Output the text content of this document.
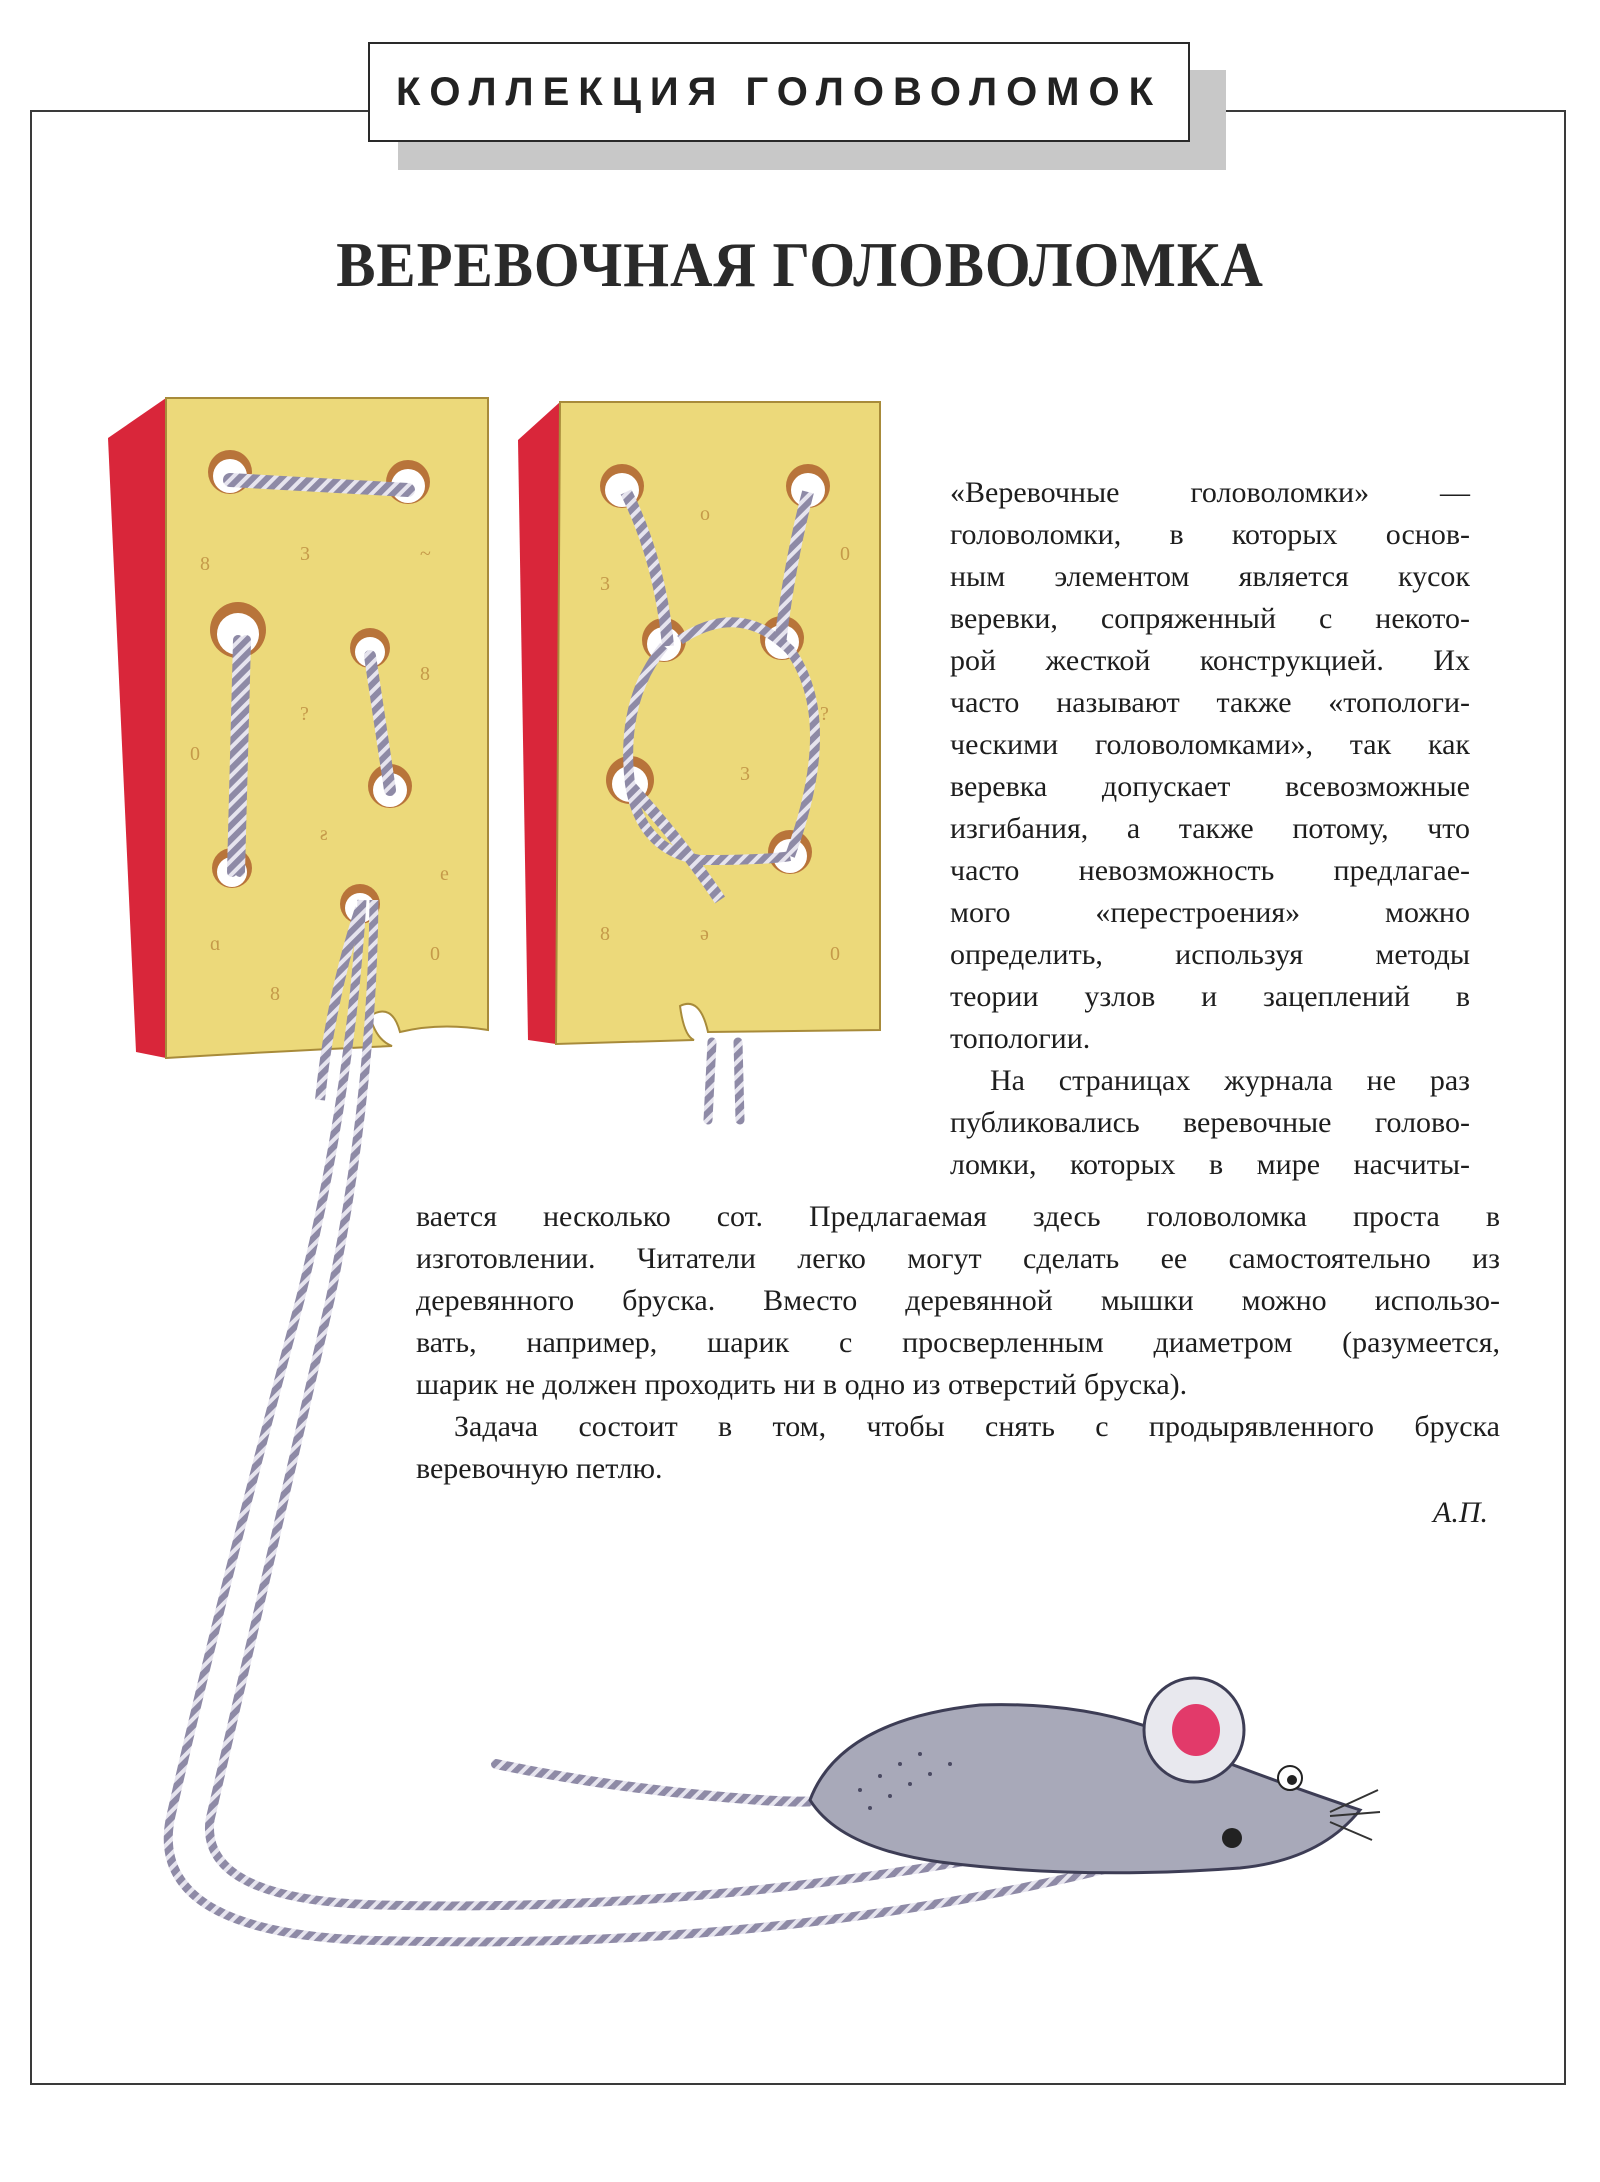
КОЛЛЕКЦИЯ ГОЛОВОЛОМОК
ВЕРЕВОЧНАЯ ГОЛОВОЛОМКА
3
8	~
?
8
0
ƨ
e
8
0
ɑ
o
3
0
3
?
ə
8
0

«Веревочные головоломки» —

головоломки, в которых основ-

ным элементом является кусок

веревки, сопряженный с некото-

рой жесткой конструкцией. Их

часто называют также «топологи-

ческими головоломками», так как

веревка допускает всевозможные

изгибания, а также потому, что

часто невозможность предлагае-

мого «перестроения» можно

определить, используя методы

теории узлов и зацеплений в

топологии.

На страницах журнала не раз

публиковались веревочные голово-

ломки, которых в мире насчиты-

вается несколько сот. Предлагаемая здесь головоломка проста в

изготовлении. Читатели легко могут сделать ее самостоятельно из

деревянного бруска. Вместо деревянной мышки можно использо-

вать, например, шарик с просверленным диаметром (разумеется,

шарик не должен проходить ни в одно из отверстий бруска).

Задача состоит в том, чтобы снять с продырявленного бруска

веревочную петлю.

А.П.
